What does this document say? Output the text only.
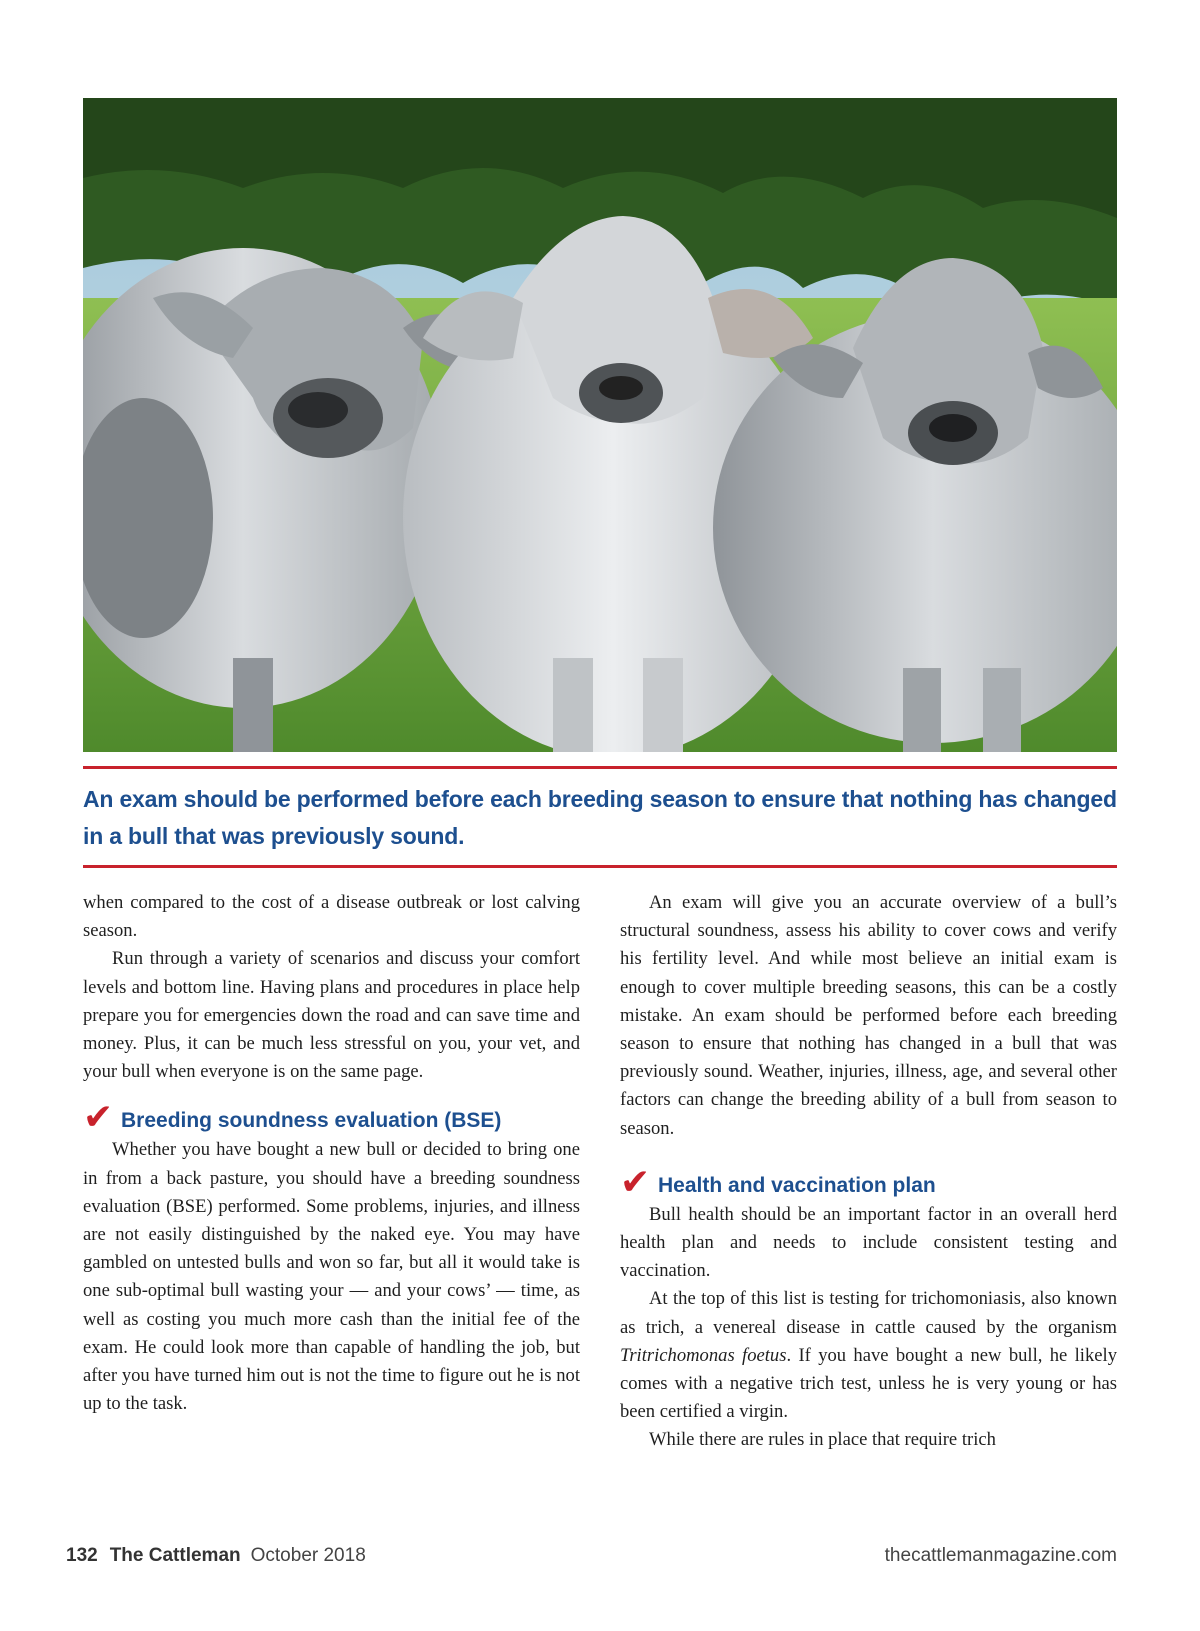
An exam should be performed before each breeding season to ensure that nothing has changed in a bull that was previously sound.

when compared to the cost of a disease outbreak or lost calving season.

Run through a variety of scenarios and discuss your comfort levels and bottom line. Having plans and procedures in place help prepare you for emergencies down the road and can save time and money. Plus, it can be much less stressful on you, your vet, and your bull when everyone is on the same page.

✔ Breeding soundness evaluation (BSE)

Whether you have bought a new bull or decided to bring one in from a back pasture, you should have a breeding soundness evaluation (BSE) performed. Some problems, injuries, and illness are not easily distinguished by the naked eye. You may have gambled on untested bulls and won so far, but all it would take is one sub-optimal bull wasting your — and your cows’ — time, as well as costing you much more cash than the initial fee of the exam. He could look more than capable of handling the job, but after you have turned him out is not the time to figure out he is not up to the task.

An exam will give you an accurate overview of a bull’s structural soundness, assess his ability to cover cows and verify his fertility level. And while most believe an initial exam is enough to cover multiple breeding seasons, this can be a costly mistake. An exam should be performed before each breeding season to ensure that nothing has changed in a bull that was previously sound. Weather, injuries, illness, age, and several other factors can change the breeding ability of a bull from season to season.

✔ Health and vaccination plan

Bull health should be an important factor in an overall herd health plan and needs to include consistent testing and vaccination.

At the top of this list is testing for trichomoniasis, also known as trich, a venereal disease in cattle caused by the organism Tritrichomonas foetus. If you have bought a new bull, he likely comes with a negative trich test, unless he is very young or has been certified a virgin.

While there are rules in place that require trich

132 The Cattleman October 2018	thecattlemanmagazine.com
